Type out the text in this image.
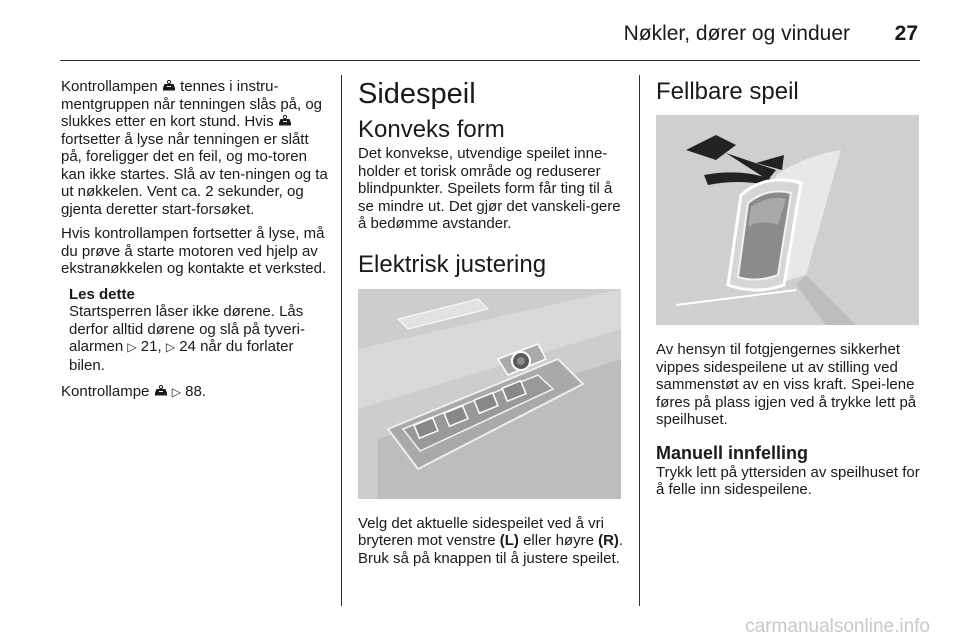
Nøkler, dører og vinduer 27

Kontrollampen tennes i instru-mentgruppen når tenningen slås på, og slukkes etter en kort stund. Hvis  fortsetter å lyse når tenningen er slått på, foreligger det en feil, og mo-toren kan ikke startes. Slå av ten-ningen og ta ut nøkkelen. Vent ca. 2 sekunder, og gjenta deretter start-forsøket.

Hvis kontrollampen fortsetter å lyse, må du prøve å starte motoren ved hjelp av ekstranøkkelen og kontakte et verksted.

Les dette
Startsperren låser ikke dørene. Lås derfor alltid dørene og slå på tyveri-alarmen ▷ 21, ▷ 24 når du forlater bilen.

Kontrollampe ▷ 88.

Sidespeil
Konveks form

Det konvekse, utvendige speilet inne-holder et torisk område og reduserer blindpunkter. Speilets form får ting til å se mindre ut. Det gjør det vanskeli-gere å bedømme avstander.

Elektrisk justering

Velg det aktuelle sidespeilet ved å vri bryteren mot venstre (L) eller høyre (R). Bruk så på knappen til å justere speilet.

Fellbare speil

Av hensyn til fotgjengernes sikkerhet vippes sidespeilene ut av stilling ved sammenstøt av en viss kraft. Spei-lene føres på plass igjen ved å trykke lett på speilhuset.

Manuell innfelling

Trykk lett på yttersiden av speilhuset for å felle inn sidespeilene.

carmanualsonline.info
